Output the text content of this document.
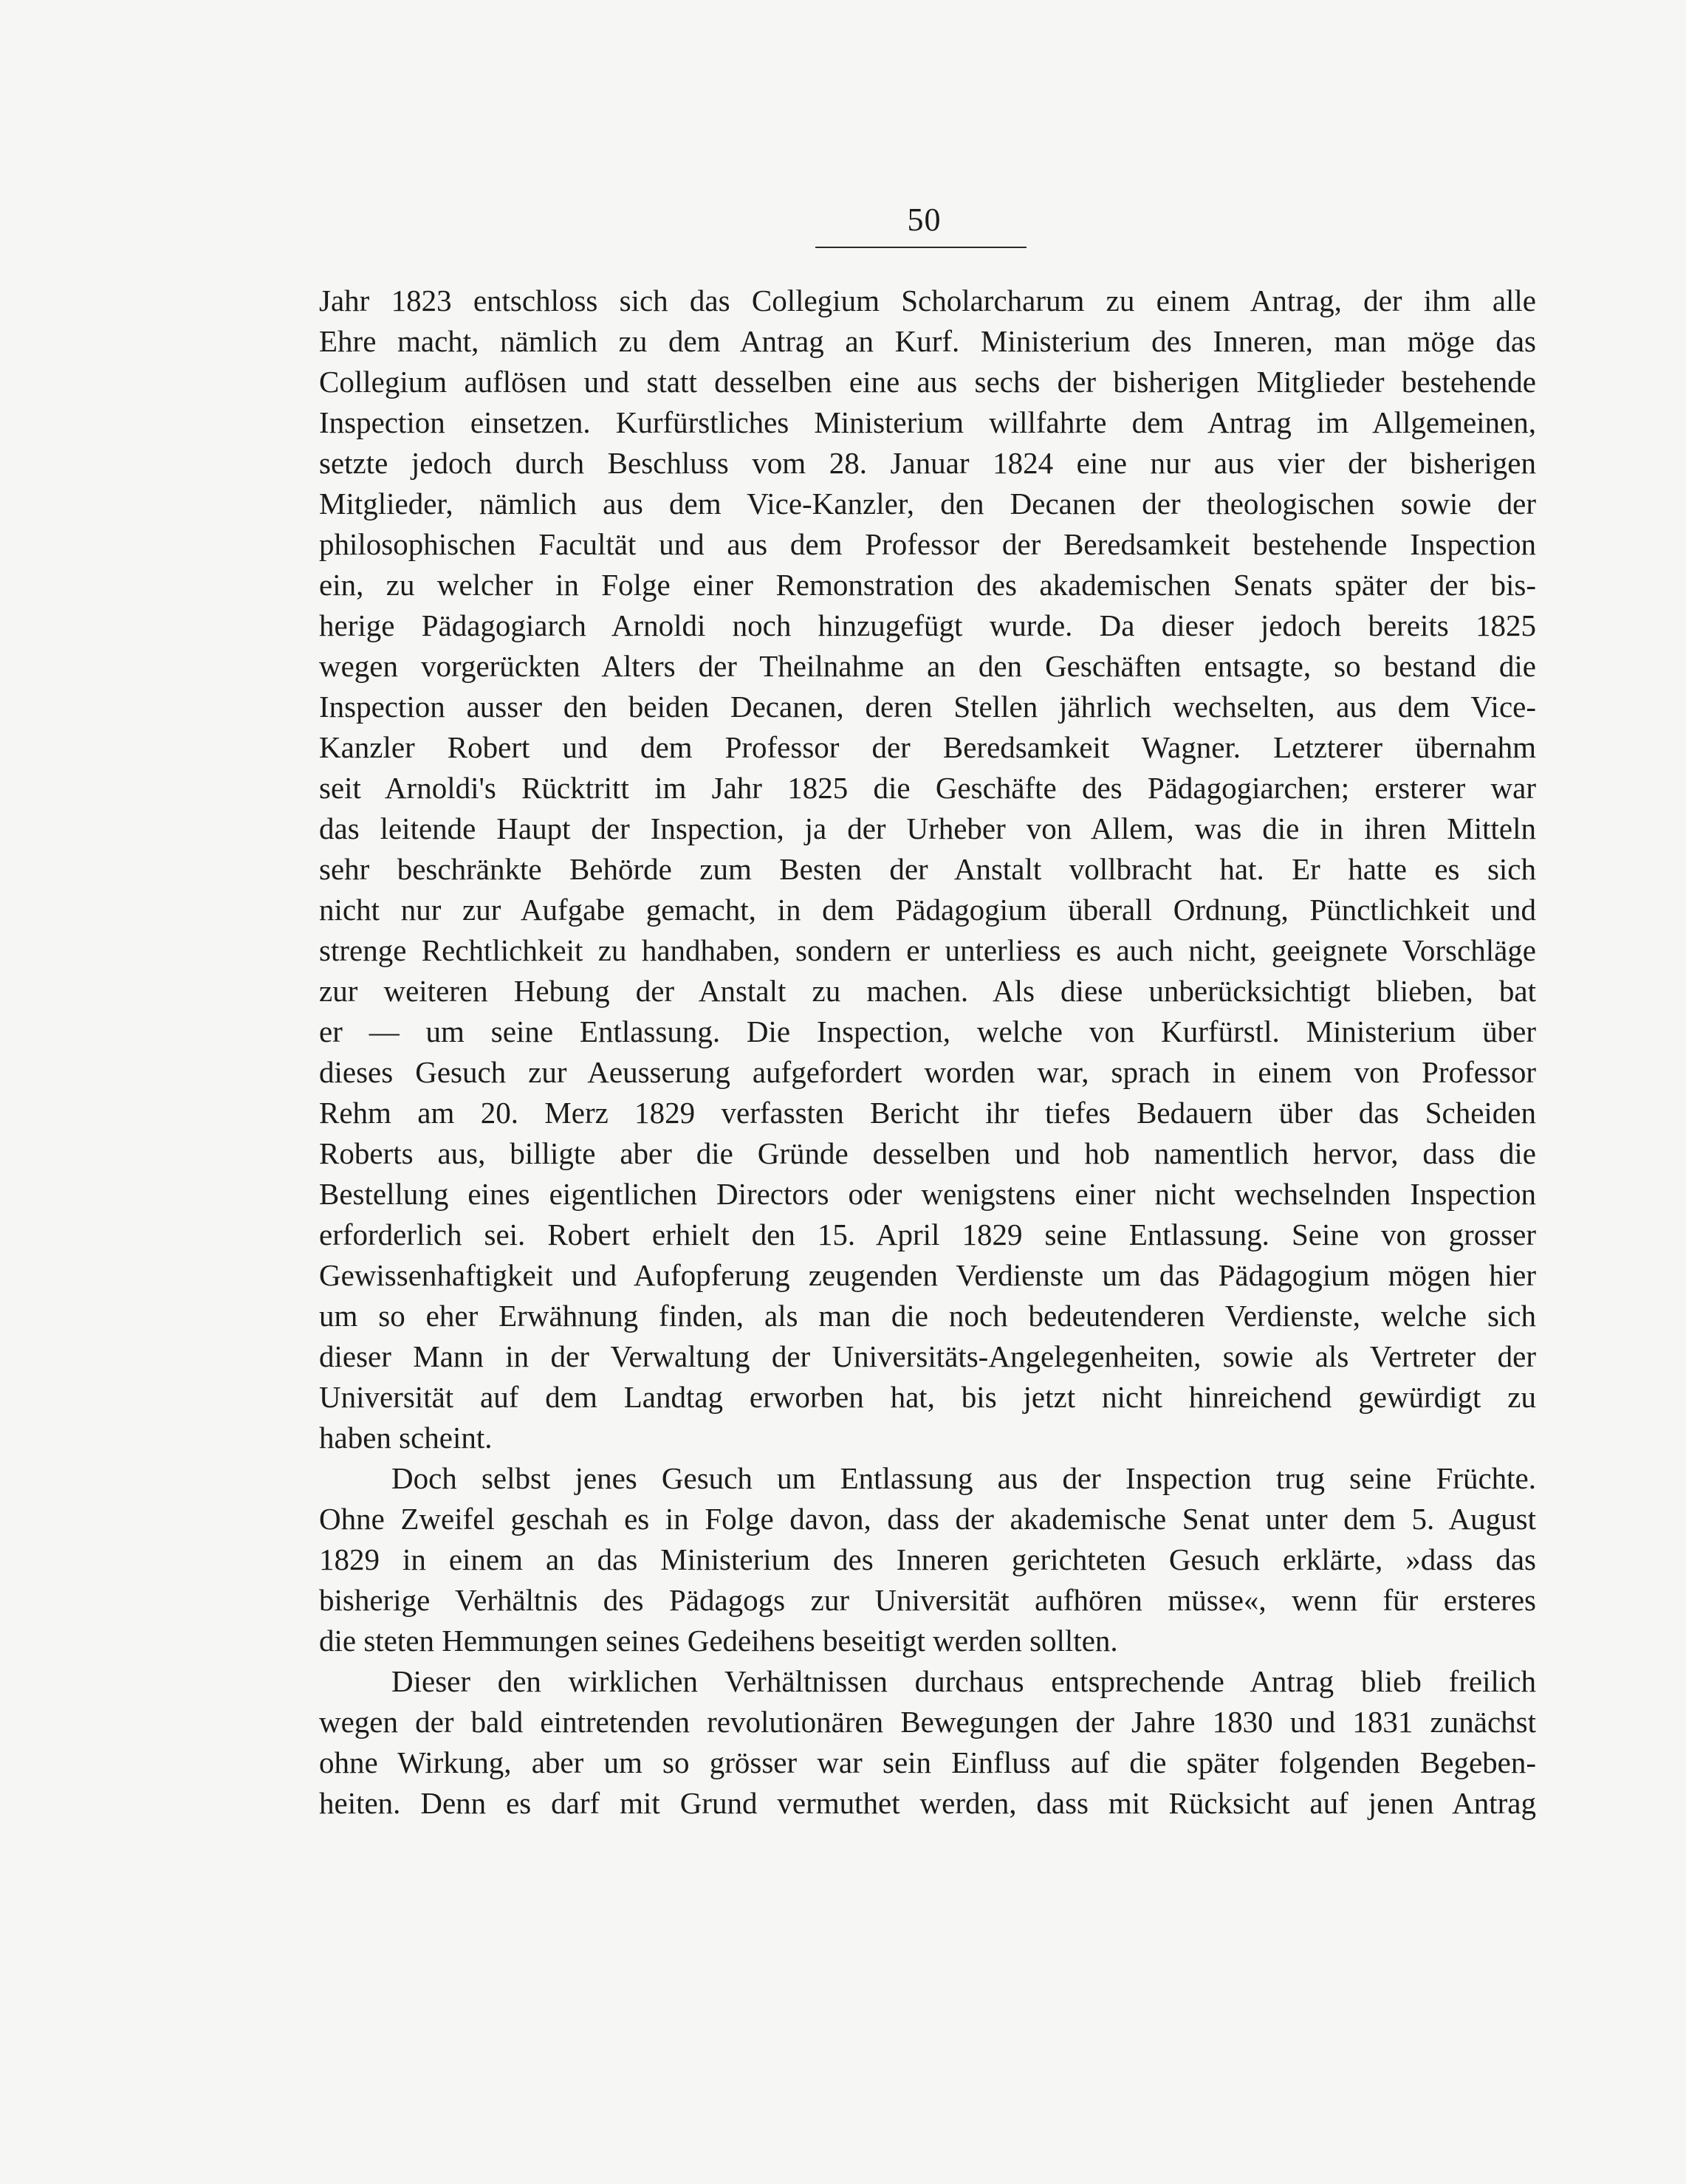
50

Jahr 1823 entschloss sich das Collegium Scholarcharum zu einem Antrag, der ihm alle
Ehre macht, nämlich zu dem Antrag an Kurf. Ministerium des Inneren, man möge das
Collegium auflösen und statt desselben eine aus sechs der bisherigen Mitglieder bestehende
Inspection einsetzen. Kurfürstliches Ministerium willfahrte dem Antrag im Allgemeinen,
setzte jedoch durch Beschluss vom 28. Januar 1824 eine nur aus vier der bisherigen
Mitglieder, nämlich aus dem Vice-Kanzler, den Decanen der theologischen sowie der
philosophischen Facultät und aus dem Professor der Beredsamkeit bestehende Inspection
ein, zu welcher in Folge einer Remonstration des akademischen Senats später der bis-
herige Pädagogiarch Arnoldi noch hinzugefügt wurde. Da dieser jedoch bereits 1825
wegen vorgerückten Alters der Theilnahme an den Geschäften entsagte, so bestand die
Inspection ausser den beiden Decanen, deren Stellen jährlich wechselten, aus dem Vice-
Kanzler Robert und dem Professor der Beredsamkeit Wagner. Letzterer übernahm
seit Arnoldi's Rücktritt im Jahr 1825 die Geschäfte des Pädagogiarchen; ersterer war
das leitende Haupt der Inspection, ja der Urheber von Allem, was die in ihren Mitteln
sehr beschränkte Behörde zum Besten der Anstalt vollbracht hat. Er hatte es sich
nicht nur zur Aufgabe gemacht, in dem Pädagogium überall Ordnung, Pünctlichkeit und
strenge Rechtlichkeit zu handhaben, sondern er unterliess es auch nicht, geeignete Vorschläge
zur weiteren Hebung der Anstalt zu machen. Als diese unberücksichtigt blieben, bat
er — um seine Entlassung. Die Inspection, welche von Kurfürstl. Ministerium über
dieses Gesuch zur Aeusserung aufgefordert worden war, sprach in einem von Professor
Rehm am 20. Merz 1829 verfassten Bericht ihr tiefes Bedauern über das Scheiden
Roberts aus, billigte aber die Gründe desselben und hob namentlich hervor, dass die
Bestellung eines eigentlichen Directors oder wenigstens einer nicht wechselnden Inspection
erforderlich sei. Robert erhielt den 15. April 1829 seine Entlassung. Seine von grosser
Gewissenhaftigkeit und Aufopferung zeugenden Verdienste um das Pädagogium mögen hier
um so eher Erwähnung finden, als man die noch bedeutenderen Verdienste, welche sich
dieser Mann in der Verwaltung der Universitäts-Angelegenheiten, sowie als Vertreter der
Universität auf dem Landtag erworben hat, bis jetzt nicht hinreichend gewürdigt zu
haben scheint.

Doch selbst jenes Gesuch um Entlassung aus der Inspection trug seine Früchte.
Ohne Zweifel geschah es in Folge davon, dass der akademische Senat unter dem 5. August
1829 in einem an das Ministerium des Inneren gerichteten Gesuch erklärte, »dass das
bisherige Verhältnis des Pädagogs zur Universität aufhören müsse«, wenn für ersteres
die steten Hemmungen seines Gedeihens beseitigt werden sollten.

Dieser den wirklichen Verhältnissen durchaus entsprechende Antrag blieb freilich
wegen der bald eintretenden revolutionären Bewegungen der Jahre 1830 und 1831 zunächst
ohne Wirkung, aber um so grösser war sein Einfluss auf die später folgenden Begeben-
heiten. Denn es darf mit Grund vermuthet werden, dass mit Rücksicht auf jenen Antrag
